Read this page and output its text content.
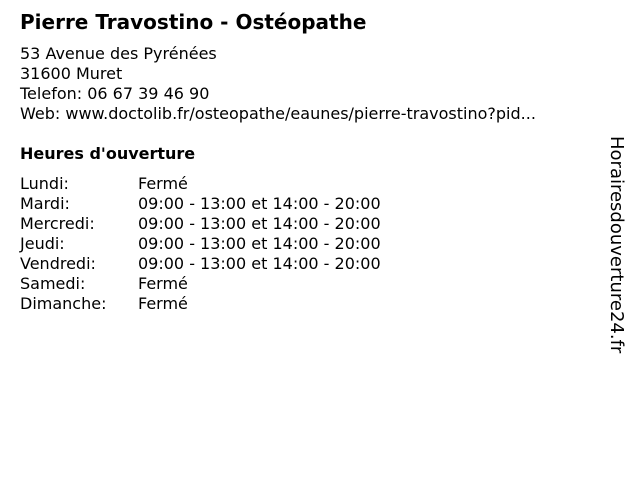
Pierre Travostino - Ostéopathe
53 Avenue des Pyrénées
31600 Muret
Telefon: 06 67 39 46 90
Web: www.doctolib.fr/osteopathe/eaunes/pierre-travostino?pid...
Heures d'ouverture
Lundi:	Fermé
Mardi:	09:00 - 13:00 et 14:00 - 20:00
Mercredi:	09:00 - 13:00 et 14:00 - 20:00
Jeudi:	09:00 - 13:00 et 14:00 - 20:00
Vendredi:	09:00 - 13:00 et 14:00 - 20:00
Samedi:	Fermé
Dimanche:	Fermé	Horairesdouverture24.fr
